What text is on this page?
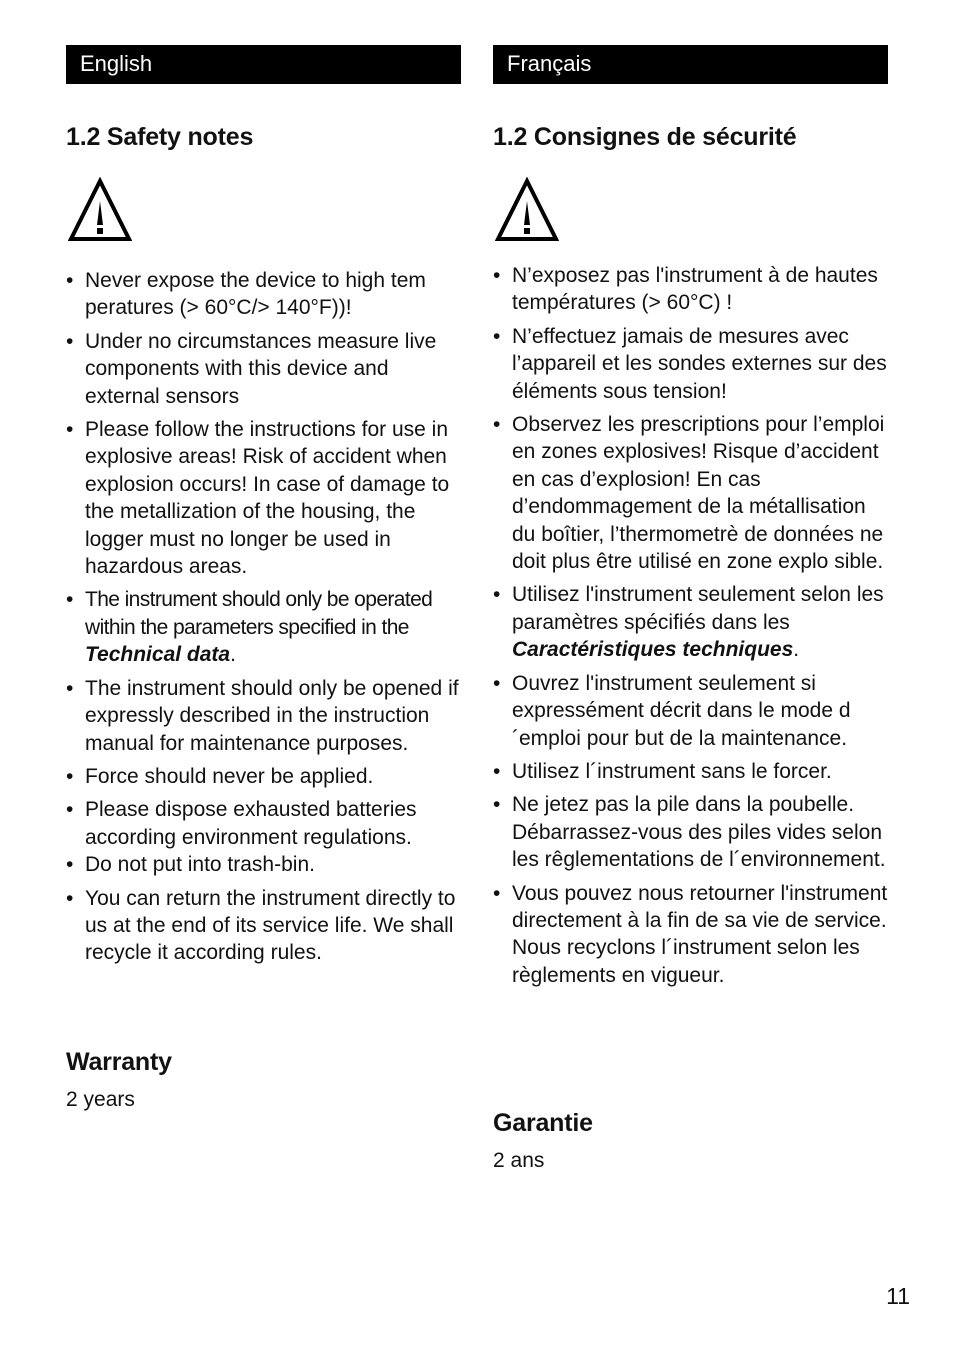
English
1.2 Safety notes
• Never expose the device to high tem peratures (> 60°C/> 140°F))!
• Under no circumstances measure live components with this device and external sensors
• Please follow the instructions for use in explosive areas! Risk of accident when explosion occurs! In case of damage to the metallization of the housing, the logger must no longer be used in hazardous areas.
• The instrument should only be operated within the parameters specified in the Technical data.
• The instrument should only be opened if expressly described in the instruction manual for maintenance purposes.
• Force should never be applied.
• Please dispose exhausted batteries according environment regulations.
• Do not put into trash-bin.
• You can return the instrument directly to us at the end of its service life. We shall recycle it according rules.
Warranty

2 years

Français
1.2 Consignes de sécurité
• N’exposez pas l'instrument à de hautes températures (> 60°C) !
• N’effectuez jamais de mesures avec l’appareil et les sondes externes sur des éléments sous tension!
• Observez les prescriptions pour l’emploi en zones explosives! Risque d’accident en cas d’explosion! En cas d’endommagement de la métallisation du boîtier, l’thermometrè de données ne doit plus être utilisé en zone explo sible.
• Utilisez l'instrument seulement selon les paramètres spécifiés dans les Caractéristiques techniques.
• Ouvrez l'instrument seulement si expressément décrit dans le mode d´emploi pour but de la maintenance.
• Utilisez l´instrument sans le forcer.
• Ne jetez pas la pile dans la poubelle. Débarrassez-vous des piles vides selon les rêglementations de l´environnement.
• Vous pouvez nous retourner l'instrument directement à la fin de sa vie de service. Nous recyclons l´instrument selon les règlements en vigueur.
Garantie

2 ans

11
